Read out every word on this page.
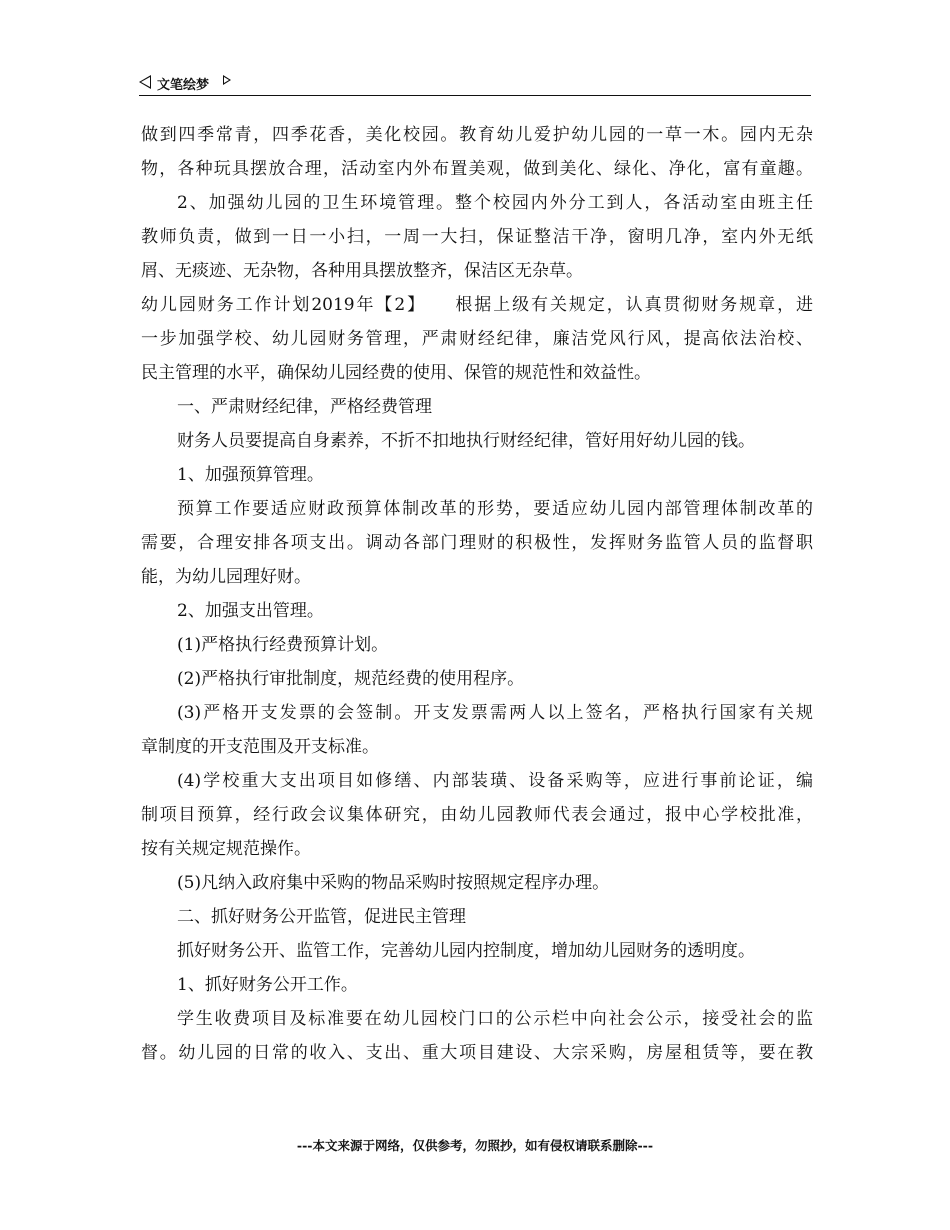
文笔绘梦
做到四季常青，四季花香，美化校园。教育幼儿爱护幼儿园的一草一木。园内无杂
物，各种玩具摆放合理，活动室内外布置美观，做到美化、绿化、净化，富有童趣。
2、加强幼儿园的卫生环境管理。整个校园内外分工到人，各活动室由班主任
教师负责，做到一日一小扫，一周一大扫，保证整洁干净，窗明几净，室内外无纸
屑、无痰迹、无杂物，各种用具摆放整齐，保洁区无杂草。
幼儿园财务工作计划2019年【2】　　根据上级有关规定，认真贯彻财务规章，进
一步加强学校、幼儿园财务管理，严肃财经纪律，廉洁党风行风，提高依法治校、
民主管理的水平，确保幼儿园经费的使用、保管的规范性和效益性。
一、严肃财经纪律，严格经费管理
财务人员要提高自身素养，不折不扣地执行财经纪律，管好用好幼儿园的钱。
1、加强预算管理。
预算工作要适应财政预算体制改革的形势，要适应幼儿园内部管理体制改革的
需要，合理安排各项支出。调动各部门理财的积极性，发挥财务监管人员的监督职
能，为幼儿园理好财。
2、加强支出管理。
(1)严格执行经费预算计划。
(2)严格执行审批制度，规范经费的使用程序。
(3)严格开支发票的会签制。开支发票需两人以上签名，严格执行国家有关规
章制度的开支范围及开支标准。
(4)学校重大支出项目如修缮、内部装璜、设备采购等，应进行事前论证，编
制项目预算，经行政会议集体研究，由幼儿园教师代表会通过，报中心学校批准，
按有关规定规范操作。
(5)凡纳入政府集中采购的物品采购时按照规定程序办理。
二、抓好财务公开监管，促进民主管理
抓好财务公开、监管工作，完善幼儿园内控制度，增加幼儿园财务的透明度。
1、抓好财务公开工作。
学生收费项目及标准要在幼儿园校门口的公示栏中向社会公示，接受社会的监
督。幼儿园的日常的收入、支出、重大项目建设、大宗采购，房屋租赁等，要在教
---本文来源于网络，仅供参考，勿照抄，如有侵权请联系删除---
